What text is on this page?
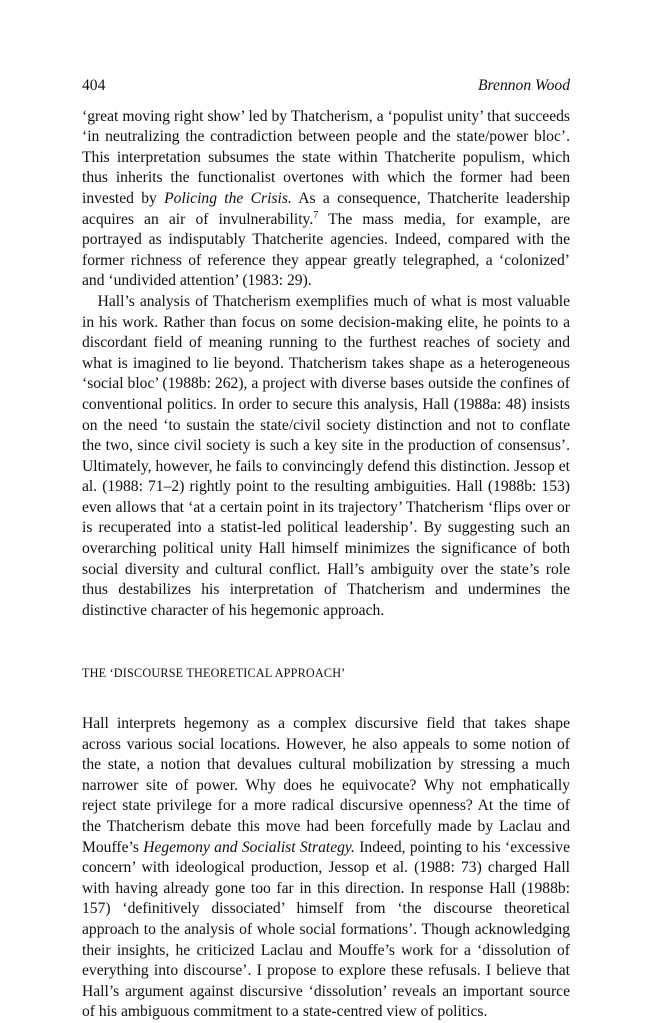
404	Brennon Wood

‘great moving right show’ led by Thatcherism, a ‘populist unity’ that succeeds ‘in neutralizing the contradiction between people and the state/power bloc’. This interpretation subsumes the state within Thatcherite populism, which thus inherits the functionalist overtones with which the former had been invested by Policing the Crisis. As a consequence, Thatcherite leadership acquires an air of invulnerability.$^7$ The mass media, for example, are portrayed as indisputably Thatcherite agencies. Indeed, compared with the former richness of reference they appear greatly telegraphed, a ‘colonized’ and ‘undivided attention’ (1983: 29).

Hall’s analysis of Thatcherism exemplifies much of what is most valuable in his work. Rather than focus on some decision-making elite, he points to a discordant field of meaning running to the furthest reaches of society and what is imagined to lie beyond. Thatcherism takes shape as a heterogeneous ‘social bloc’ (1988b: 262), a project with diverse bases outside the confines of conventional politics. In order to secure this analysis, Hall (1988a: 48) insists on the need ‘to sustain the state/civil society distinction and not to conflate the two, since civil society is such a key site in the production of consensus’. Ultimately, however, he fails to convincingly defend this distinction. Jessop et al. (1988: 71–2) rightly point to the resulting ambiguities. Hall (1988b: 153) even allows that ‘at a certain point in its trajectory’ Thatcherism ‘flips over or is recuperated into a statist-led political leadership’. By suggesting such an overarching political unity Hall himself minimizes the significance of both social diversity and cultural conflict. Hall’s ambiguity over the state’s role thus destabilizes his interpretation of Thatcherism and undermines the distinctive character of his hegemonic approach.

THE ‘DISCOURSE THEORETICAL APPROACH’

Hall interprets hegemony as a complex discursive field that takes shape across various social locations. However, he also appeals to some notion of the state, a notion that devalues cultural mobilization by stressing a much narrower site of power. Why does he equivocate? Why not emphatically reject state privilege for a more radical discursive openness? At the time of the Thatcherism debate this move had been forcefully made by Laclau and Mouffe’s Hegemony and Socialist Strategy. Indeed, pointing to his ‘excessive concern’ with ideological production, Jessop et al. (1988: 73) charged Hall with having already gone too far in this direction. In response Hall (1988b: 157) ‘definitively dissociated’ himself from ‘the discourse theoretical approach to the analysis of whole social formations’. Though acknowledging their insights, he criticized Laclau and Mouffe’s work for a ‘dissolution of everything into discourse’. I propose to explore these refusals. I believe that Hall’s argument against discursive ‘dissolution’ reveals an important source of his ambiguous commitment to a state-centred view of politics.
